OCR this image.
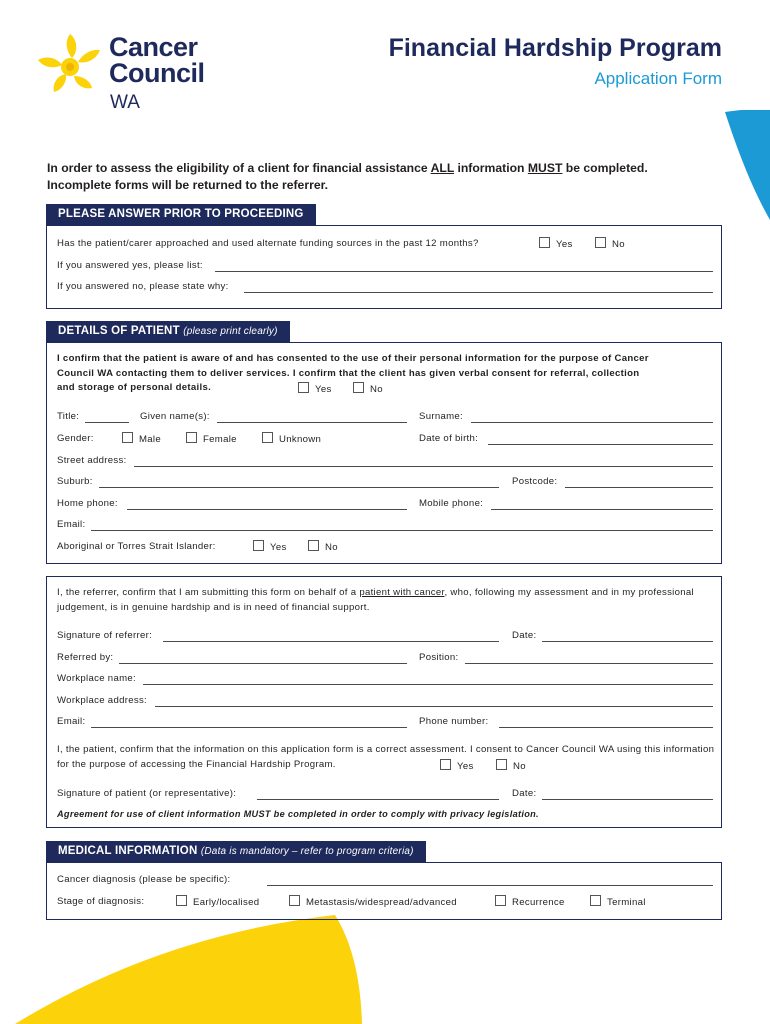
Cancer
Council
WA
Financial Hardship Program
Application Form
In order to assess the eligibility of a client for financial assistance ALL information MUST be completed.
Incomplete forms will be returned to the referrer.
PLEASE ANSWER PRIOR TO PROCEEDING
Has the patient/carer approached and used alternate funding sources in the past 12 months?	Yes	No
If you answered yes, please list:
If you answered no, please state why:
DETAILS OF PATIENT (please print clearly)
I confirm that the patient is aware of and has consented to the use of their personal information for the purpose of Cancer Council WA contacting them to deliver services. I confirm that the client has given verbal consent for referral, collection and storage of personal details.	Yes	No
Title:	Given name(s):	Surname:
Gender:	Male	Female	Unknown	Date of birth:
Street address:
Suburb:	Postcode:
Home phone:	Mobile phone:
Email:
Aboriginal or Torres Strait Islander:	Yes	No
I, the referrer, confirm that I am submitting this form on behalf of a patient with cancer, who, following my assessment and in my professional judgement, is in genuine hardship and is in need of financial support.
Signature of referrer:	Date:
Referred by:	Position:
Workplace name:
Workplace address:
Email:	Phone number:
I, the patient, confirm that the information on this application form is a correct assessment. I consent to Cancer Council WA using this information for the purpose of accessing the Financial Hardship Program.	Yes	No
Signature of patient (or representative):	Date:
Agreement for use of client information MUST be completed in order to comply with privacy legislation.
MEDICAL INFORMATION (Data is mandatory – refer to program criteria)
Cancer diagnosis (please be specific):
Stage of diagnosis:	Early/localised	Metastasis/widespread/advanced	Recurrence	Terminal
